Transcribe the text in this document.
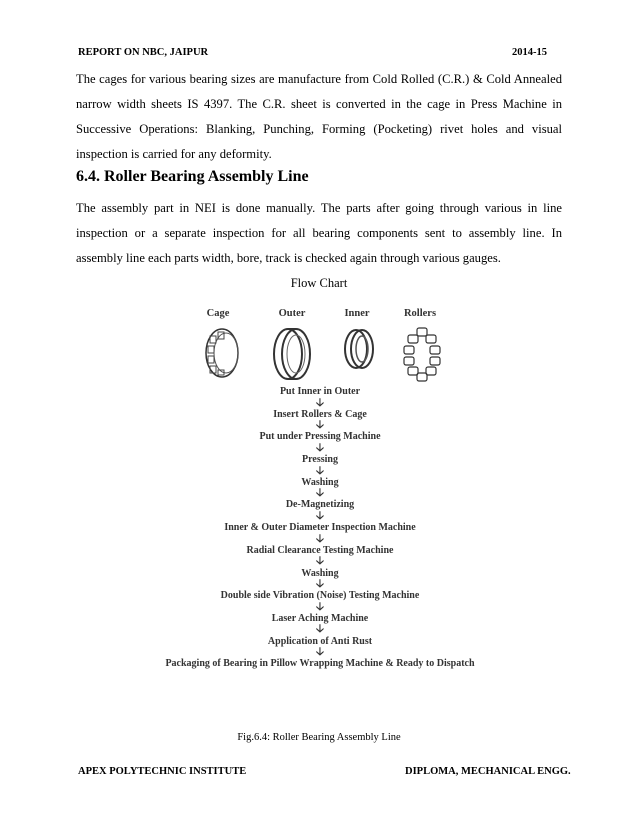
REPORT ON NBC, JAIPUR	2014-15
The cages for various bearing sizes are manufacture from Cold Rolled (C.R.) & Cold Annealed narrow width sheets IS 4397. The C.R. sheet is converted in the cage in Press Machine in Successive Operations: Blanking, Punching, Forming (Pocketing) rivet holes and visual inspection is carried for any deformity.
6.4. Roller Bearing Assembly Line
The assembly part in NEI is done manually. The parts after going through various in line inspection or a separate inspection for all bearing components sent to assembly line. In assembly line each parts width, bore, track is checked again through various gauges.
Flow Chart
Cage	Outer	Inner	Rollers
Put Inner in Outer
🡣
Insert Rollers & Cage
🡣
Put under Pressing Machine
🡣
Pressing
🡣
Washing
🡣
De-Magnetizing
🡣
Inner & Outer Diameter Inspection Machine
🡣
Radial Clearance Testing Machine
🡣
Washing
🡣
Double side Vibration (Noise) Testing Machine
🡣
Laser Aching Machine
🡣
Application of Anti Rust
🡣
Packaging of Bearing in Pillow Wrapping Machine & Ready to Dispatch
Fig.6.4: Roller Bearing Assembly Line
APEX POLYTECHNIC INSTITUTE	DIPLOMA, MECHANICAL ENGG.
